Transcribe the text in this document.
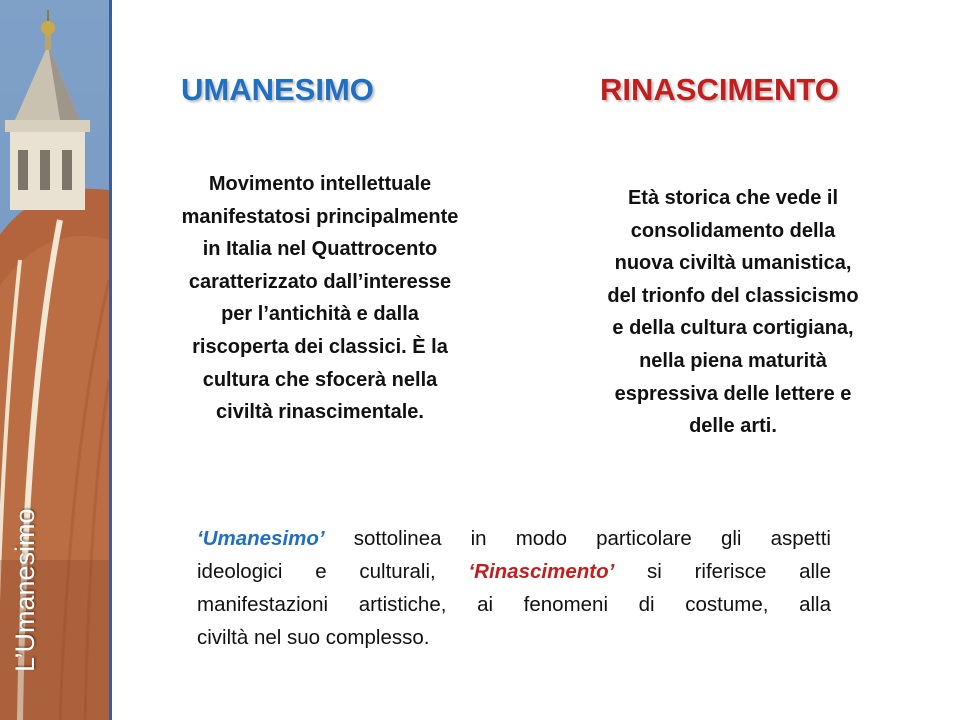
L’Umanesimo
UMANESIMO	RINASCIMENTO
Movimento intellettuale
manifestatosi principalmente
in Italia nel Quattrocento
caratterizzato dall’interesse
per l’antichità e dalla
riscoperta dei classici. È la
cultura che sfocerà nella
civiltà rinascimentale.
Età storica che vede il
consolidamento della
nuova civiltà umanistica,
del trionfo del classicismo
e della cultura cortigiana,
nella piena maturità
espressiva delle lettere e
delle arti.
‘Umanesimo’ sottolinea in modo particolare gli aspetti
ideologici e culturali, ‘Rinascimento’ si riferisce alle
manifestazioni artistiche, ai fenomeni di costume, alla
civiltà nel suo complesso.
